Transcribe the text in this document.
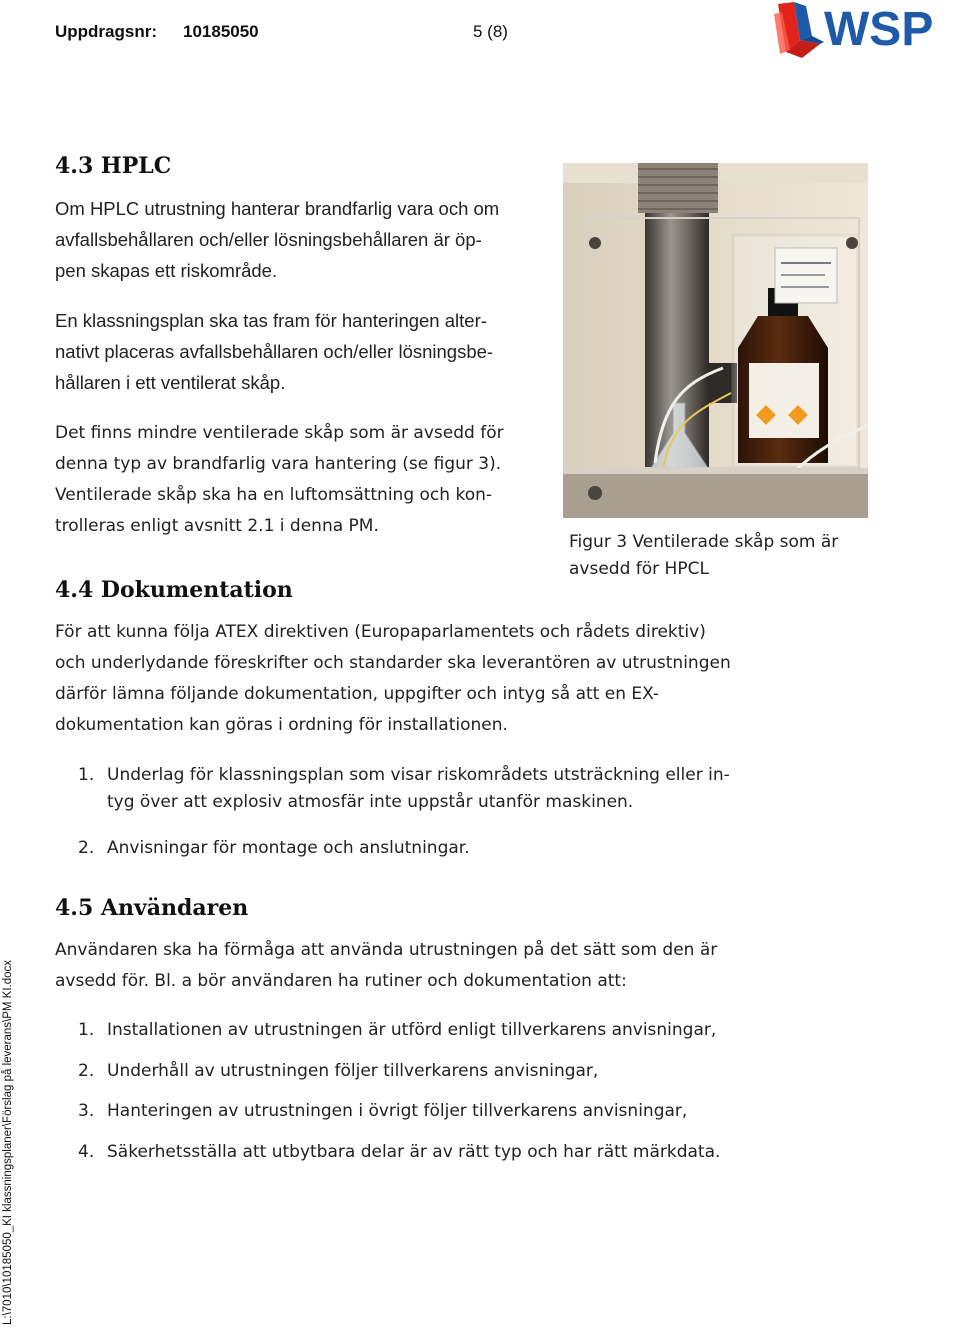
Uppdragsnr: 10185050	5 (8)	WSP
4.3 HPLC
Om HPLC utrustning hanterar brandfarlig vara och om
avfallsbehållaren och/eller lösningsbehållaren är öp-
pen skapas ett riskområde.
En klassningsplan ska tas fram för hanteringen alter-
nativt placeras avfallsbehållaren och/eller lösningsbe-
hållaren i ett ventilerat skåp.
Det finns mindre ventilerade skåp som är avsedd för
denna typ av brandfarlig vara hantering (se figur 3).
Ventilerade skåp ska ha en luftomsättning och kon-
trolleras enligt avsnitt 2.1 i denna PM.
Figur 3 Ventilerade skåp som är
avsedd för HPCL
4.4 Dokumentation
För att kunna följa ATEX direktiven (Europaparlamentets och rådets direktiv)
och underlydande föreskrifter och standarder ska leverantören av utrustningen
därför lämna följande dokumentation, uppgifter och intyg så att en EX-
dokumentation kan göras i ordning för installationen.
1. Underlag för klassningsplan som visar riskområdets utsträckning eller in-
tyg över att explosiv atmosfär inte uppstår utanför maskinen.
2. Anvisningar för montage och anslutningar.
4.5 Användaren
Användaren ska ha förmåga att använda utrustningen på det sätt som den är
avsedd för. Bl. a bör användaren ha rutiner och dokumentation att:
1. Installationen av utrustningen är utförd enligt tillverkarens anvisningar,
2. Underhåll av utrustningen följer tillverkarens anvisningar,
3. Hanteringen av utrustningen i övrigt följer tillverkarens anvisningar,
4. Säkerhetsställa att utbytbara delar är av rätt typ och har rätt märkdata.
L:\7010\10185050_KI klassningsplaner\Förslag på leverans\PM KI.docx
